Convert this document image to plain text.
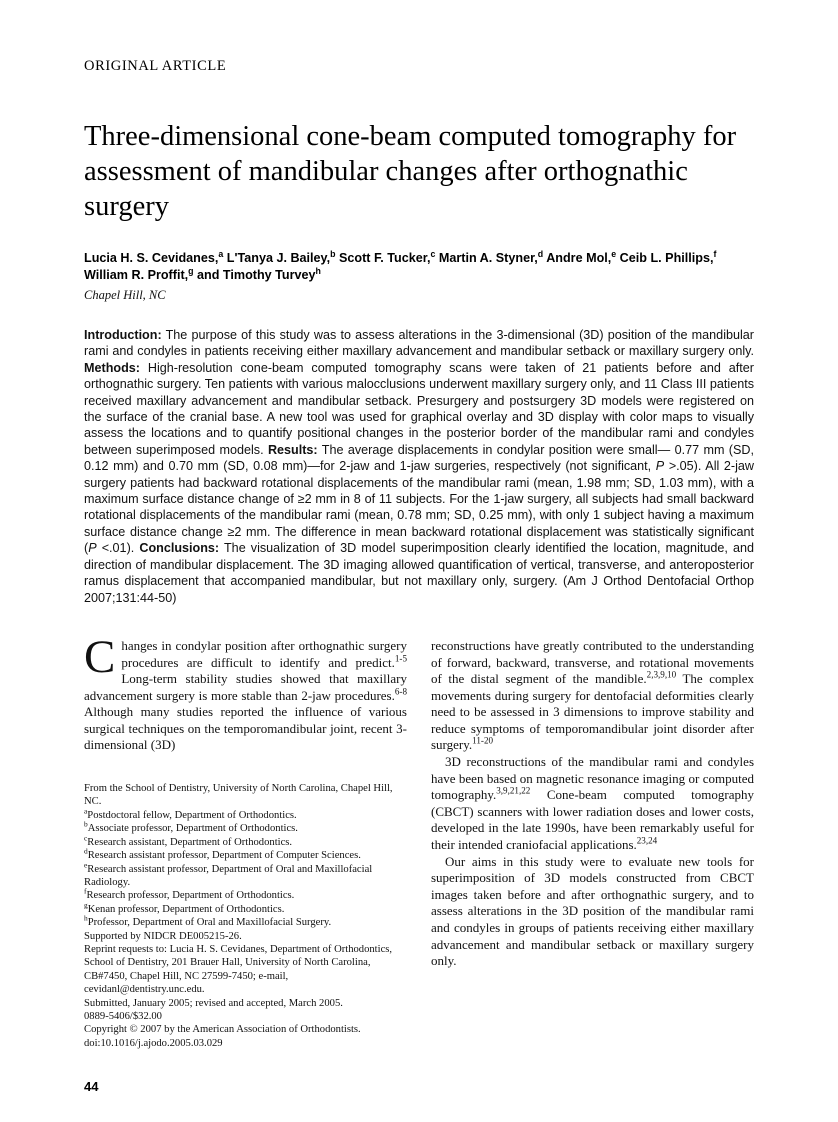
ORIGINAL ARTICLE
Three-dimensional cone-beam computed tomography for assessment of mandibular changes after orthognathic surgery
Lucia H. S. Cevidanes,$^a$ L'Tanya J. Bailey,$^b$ Scott F. Tucker,$^c$ Martin A. Styner,$^d$ Andre Mol,$^e$ Ceib L. Phillips,$^f$ William R. Proffit,$^g$ and Timothy Turvey$^h$
Chapel Hill, NC
Introduction: The purpose of this study was to assess alterations in the 3-dimensional (3D) position of the mandibular rami and condyles in patients receiving either maxillary advancement and mandibular setback or maxillary surgery only. Methods: High-resolution cone-beam computed tomography scans were taken of 21 patients before and after orthognathic surgery. Ten patients with various malocclusions underwent maxillary surgery only, and 11 Class III patients received maxillary advancement and mandibular setback. Presurgery and postsurgery 3D models were registered on the surface of the cranial base. A new tool was used for graphical overlay and 3D display with color maps to visually assess the locations and to quantify positional changes in the posterior border of the mandibular rami and condyles between superimposed models. Results: The average displacements in condylar position were small— 0.77 mm (SD, 0.12 mm) and 0.70 mm (SD, 0.08 mm)—for 2-jaw and 1-jaw surgeries, respectively (not significant, P >.05). All 2-jaw surgery patients had backward rotational displacements of the mandibular rami (mean, 1.98 mm; SD, 1.03 mm), with a maximum surface distance change of ≥2 mm in 8 of 11 subjects. For the 1-jaw surgery, all subjects had small backward rotational displacements of the mandibular rami (mean, 0.78 mm; SD, 0.25 mm), with only 1 subject having a maximum surface distance change ≥2 mm. The difference in mean backward rotational displacement was statistically significant (P <.01). Conclusions: The visualization of 3D model superimposition clearly identified the location, magnitude, and direction of mandibular displacement. The 3D imaging allowed quantification of vertical, transverse, and anteroposterior ramus displacement that accompanied mandibular, but not maxillary only, surgery. (Am J Orthod Dentofacial Orthop 2007;131:44-50)

Changes in condylar position after orthognathic surgery procedures are difficult to identify and predict.$^{1-5}$ Long-term stability studies showed that maxillary advancement surgery is more stable than 2-jaw procedures.$^{6-8}$ Although many studies reported the influence of various surgical techniques on the temporomandibular joint, recent 3-dimensional (3D)

From the School of Dentistry, University of North Carolina, Chapel Hill, NC.
$^a$Postdoctoral fellow, Department of Orthodontics.
$^b$Associate professor, Department of Orthodontics.
$^c$Research assistant, Department of Orthodontics.
$^d$Research assistant professor, Department of Computer Sciences.
$^e$Research assistant professor, Department of Oral and Maxillofacial Radiology.
$^f$Research professor, Department of Orthodontics.
$^g$Kenan professor, Department of Orthodontics.
$^h$Professor, Department of Oral and Maxillofacial Surgery.
Supported by NIDCR DE005215-26.
Reprint requests to: Lucia H. S. Cevidanes, Department of Orthodontics, School of Dentistry, 201 Brauer Hall, University of North Carolina, CB#7450, Chapel Hill, NC 27599-7450; e-mail, cevidanl@dentistry.unc.edu.
Submitted, January 2005; revised and accepted, March 2005.
0889-5406/$32.00
Copyright © 2007 by the American Association of Orthodontists.
doi:10.1016/j.ajodo.2005.03.029

reconstructions have greatly contributed to the understanding of forward, backward, transverse, and rotational movements of the distal segment of the mandible.$^{2,3,9,10}$ The complex movements during surgery for dentofacial deformities clearly need to be assessed in 3 dimensions to improve stability and reduce symptoms of temporomandibular joint disorder after surgery.$^{11-20}$

3D reconstructions of the mandibular rami and condyles have been based on magnetic resonance imaging or computed tomography.$^{3,9,21,22}$ Cone-beam computed tomography (CBCT) scanners with lower radiation doses and lower costs, developed in the late 1990s, have been remarkably useful for their intended craniofacial applications.$^{23,24}$

Our aims in this study were to evaluate new tools for superimposition of 3D models constructed from CBCT images taken before and after orthognathic surgery, and to assess alterations in the 3D position of the mandibular rami and condyles in groups of patients receiving either maxillary advancement and mandibular setback or maxillary surgery only.

44
